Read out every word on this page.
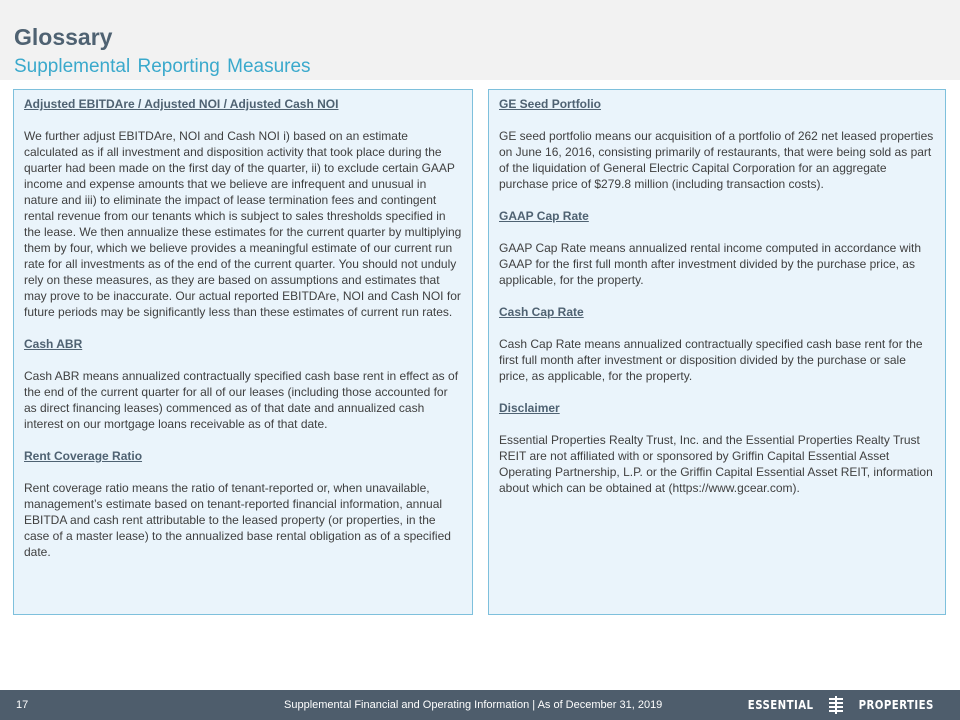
Glossary
Supplemental Reporting Measures
Adjusted EBITDAre / Adjusted NOI / Adjusted Cash NOI
We further adjust EBITDAre, NOI and Cash NOI i) based on an estimate calculated as if all investment and disposition activity that took place during the quarter had been made on the first day of the quarter, ii) to exclude certain GAAP income and expense amounts that we believe are infrequent and unusual in nature and iii) to eliminate the impact of lease termination fees and contingent rental revenue from our tenants which is subject to sales thresholds specified in the lease. We then annualize these estimates for the current quarter by multiplying them by four, which we believe provides a meaningful estimate of our current run rate for all investments as of the end of the current quarter. You should not unduly rely on these measures, as they are based on assumptions and estimates that may prove to be inaccurate. Our actual reported EBITDAre, NOI and Cash NOI for future periods may be significantly less than these estimates of current run rates.
Cash ABR
Cash ABR means annualized contractually specified cash base rent in effect as of the end of the current quarter for all of our leases (including those accounted for as direct financing leases) commenced as of that date and annualized cash interest on our mortgage loans receivable as of that date.
Rent Coverage Ratio
Rent coverage ratio means the ratio of tenant-reported or, when unavailable, management’s estimate based on tenant-reported financial information, annual EBITDA and cash rent attributable to the leased property (or properties, in the case of a master lease) to the annualized base rental obligation as of a specified date.
GE Seed Portfolio
GE seed portfolio means our acquisition of a portfolio of 262 net leased properties on June 16, 2016, consisting primarily of restaurants, that were being sold as part of the liquidation of General Electric Capital Corporation for an aggregate purchase price of $279.8 million (including transaction costs).
GAAP Cap Rate
GAAP Cap Rate means annualized rental income computed in accordance with GAAP for the first full month after investment divided by the purchase price, as applicable, for the property.
Cash Cap Rate
Cash Cap Rate means annualized contractually specified cash base rent for the first full month after investment or disposition divided by the purchase or sale price, as applicable, for the property.
Disclaimer
Essential Properties Realty Trust, Inc. and the Essential Properties Realty Trust REIT are not affiliated with or sponsored by Griffin Capital Essential Asset Operating Partnership, L.P. or the Griffin Capital Essential Asset REIT, information about which can be obtained at (https://www.gcear.com).
17	Supplemental Financial and Operating Information | As of December 31, 2019	ESSENTIAL	PROPERTIES
